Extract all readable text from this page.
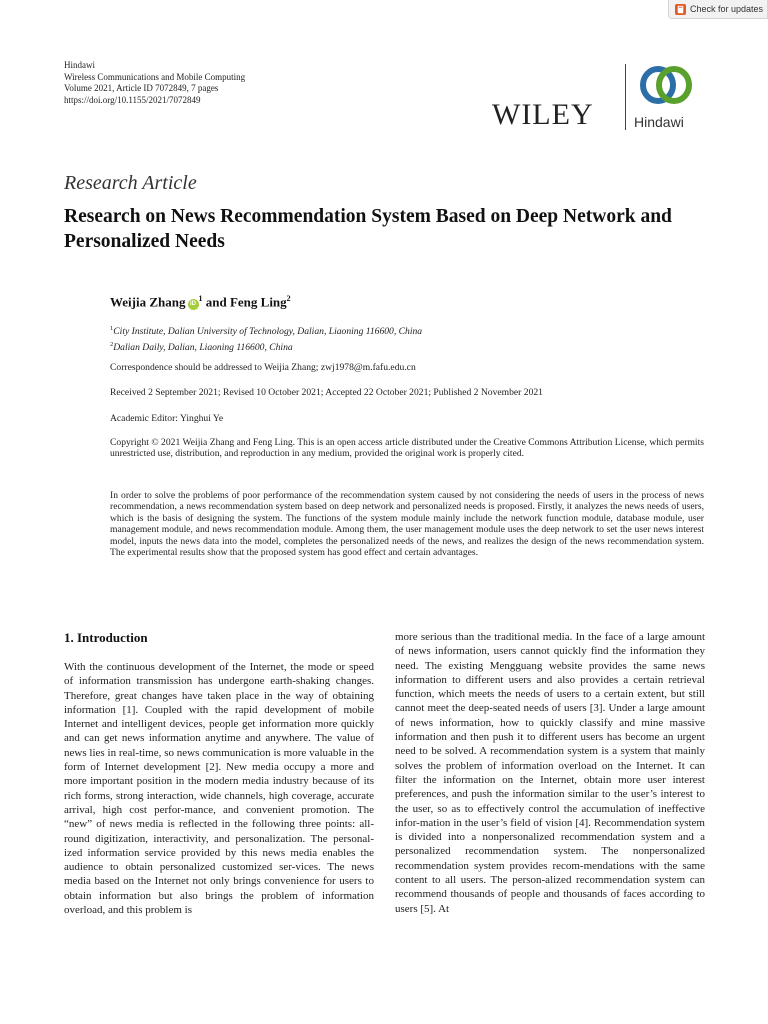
Check for updates
Hindawi
Wireless Communications and Mobile Computing
Volume 2021, Article ID 7072849, 7 pages
https://doi.org/10.1155/2021/7072849	WILEY	Hindawi
Research Article
Research on News Recommendation System Based on Deep Network and Personalized Needs
Weijia Zhang $iD^1$ and Feng Ling$^2$
$^1$City Institute, Dalian University of Technology, Dalian, Liaoning 116600, China
$^2$Dalian Daily, Dalian, Liaoning 116600, China
Correspondence should be addressed to Weijia Zhang; zwj1978@m.fafu.edu.cn
Received 2 September 2021; Revised 10 October 2021; Accepted 22 October 2021; Published 2 November 2021
Academic Editor: Yinghui Ye

Copyright © 2021 Weijia Zhang and Feng Ling. This is an open access article distributed under the Creative Commons Attribution License, which permits unrestricted use, distribution, and reproduction in any medium, provided the original work is properly cited.

In order to solve the problems of poor performance of the recommendation system caused by not considering the needs of users in the process of news recommendation, a news recommendation system based on deep network and personalized needs is proposed. Firstly, it analyzes the news needs of users, which is the basis of designing the system. The functions of the system module mainly include the network function module, database module, user management module, and news recommendation module. Among them, the user management module uses the deep network to set the user news interest model, inputs the news data into the model, completes the personalized needs of the news, and realizes the design of the news recommendation system. The experimental results show that the proposed system has good effect and certain advantages.

1. Introduction

With the continuous development of the Internet, the mode or speed of information transmission has undergone earth-shaking changes. Therefore, great changes have taken place in the way of obtaining information [1]. Coupled with the rapid development of mobile Internet and intelligent devices, people get information more quickly and can get news information anytime and anywhere. The value of news lies in real-time, so news communication is more valuable in the form of Internet development [2]. New media occupy a more and more important position in the modern media industry because of its rich forms, strong interaction, wide channels, high coverage, accurate arrival, high cost perfor-mance, and convenient promotion. The “new” of news media is reflected in the following three points: all-round digitization, interactivity, and personalization. The personal-ized information service provided by this news media enables the audience to obtain personalized customized ser-vices. The news media based on the Internet not only brings convenience for users to obtain information but also brings the problem of information overload, and this problem is

more serious than the traditional media. In the face of a large amount of news information, users cannot quickly find the information they need. The existing Mengguang website provides the same news information to different users and also provides a certain retrieval function, which meets the needs of users to a certain extent, but still cannot meet the deep-seated needs of users [3]. Under a large amount of news information, how to quickly classify and mine massive information and then push it to different users has become an urgent need to be solved. A recommendation system is a system that mainly solves the problem of information overload on the Internet. It can filter the information on the Internet, obtain more user interest preferences, and push the information similar to the user’s interest to the user, so as to effectively control the accumulation of ineffective infor-mation in the user’s field of vision [4]. Recommendation system is divided into a nonpersonalized recommendation system and a personalized recommendation system. The nonpersonalized recommendation system provides recom-mendations with the same content to all users. The person-alized recommendation system can recommend thousands of people and thousands of faces according to users [5]. At
